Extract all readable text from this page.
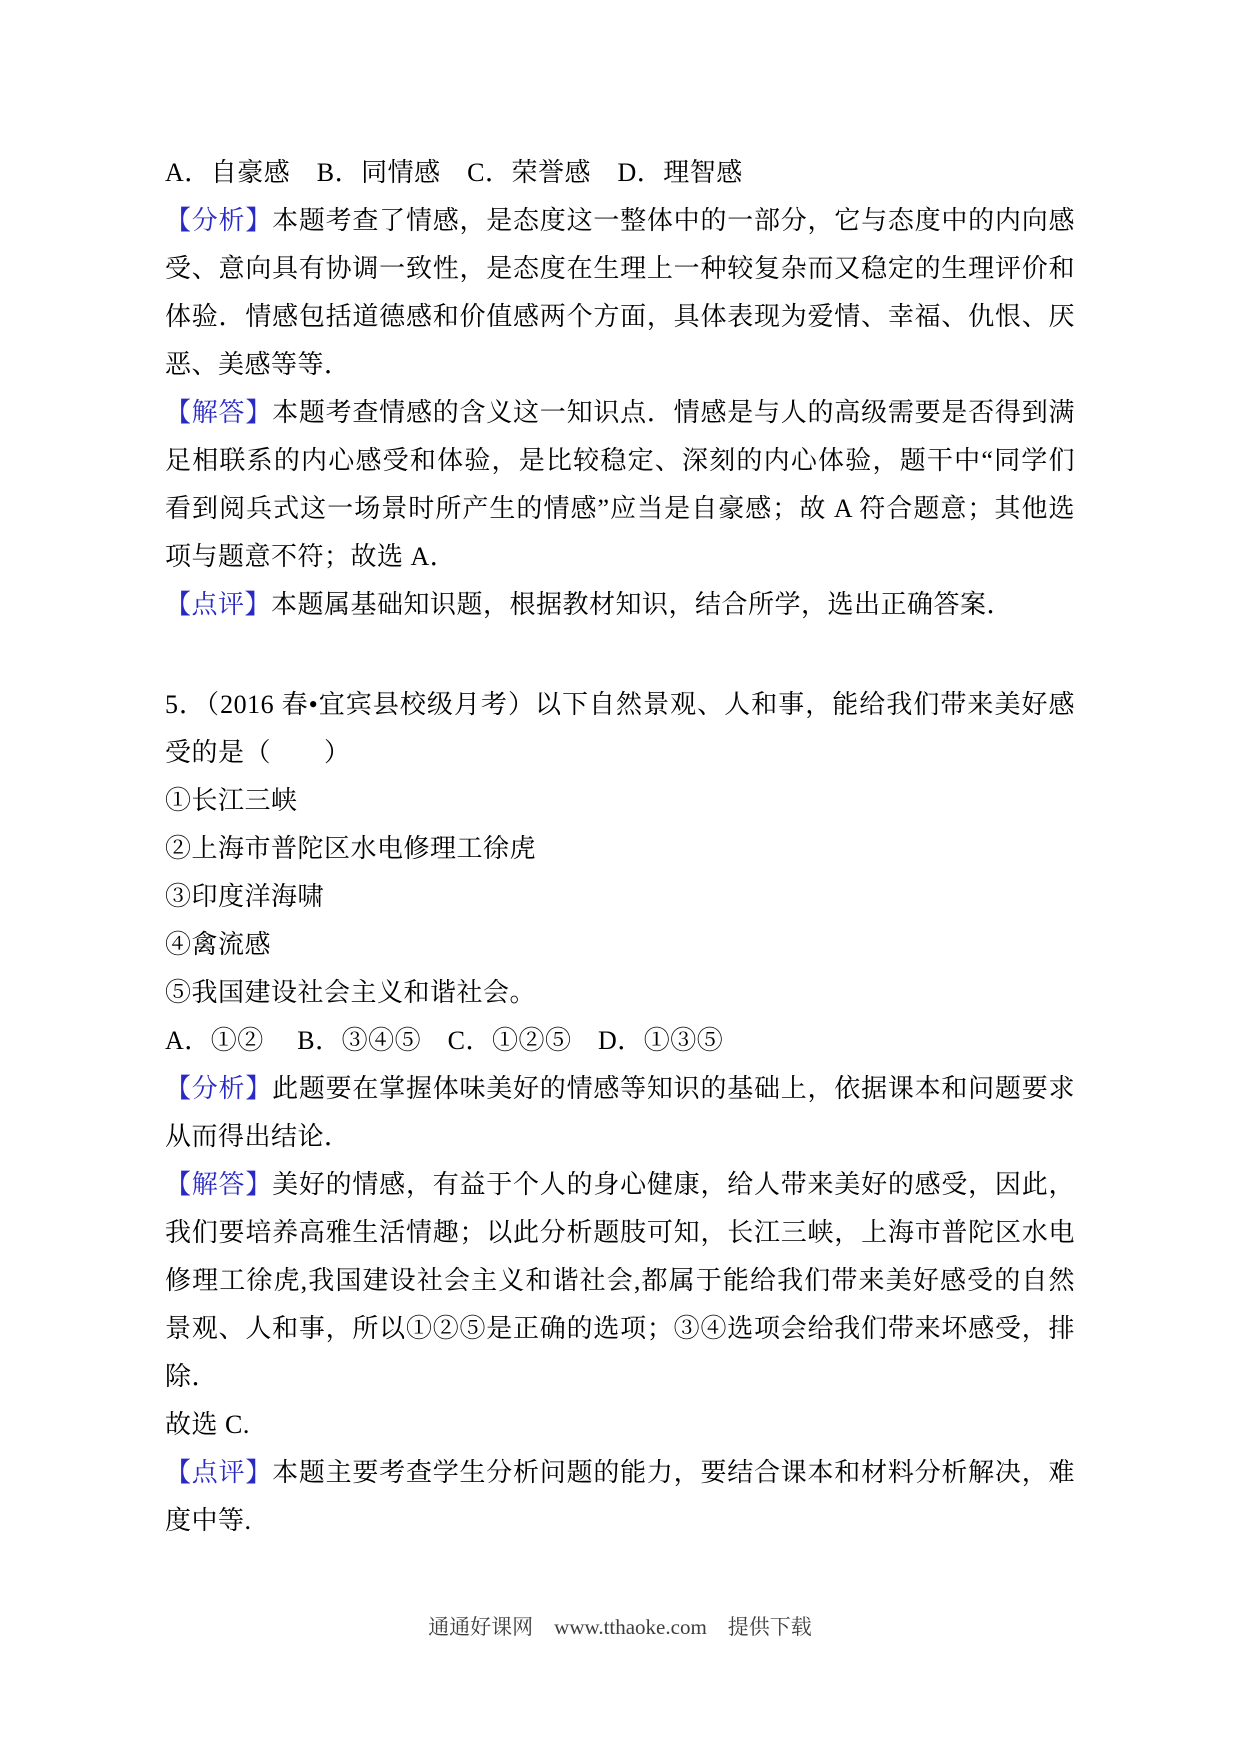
A．自豪感　B．同情感　C．荣誉感　D．理智感

【分析】本题考查了情感，是态度这一整体中的一部分，它与态度中的内向感受、意向具有协调一致性，是态度在生理上一种较复杂而又稳定的生理评价和体验．情感包括道德感和价值感两个方面，具体表现为爱情、幸福、仇恨、厌恶、美感等等．

【解答】本题考查情感的含义这一知识点．情感是与人的高级需要是否得到满足相联系的内心感受和体验，是比较稳定、深刻的内心体验，题干中“同学们看到阅兵式这一场景时所产生的情感”应当是自豪感；故 A 符合题意；其他选项与题意不符；故选 A．

【点评】本题属基础知识题，根据教材知识，结合所学，选出正确答案．

5．（2016 春•宜宾县校级月考）以下自然景观、人和事，能给我们带来美好感受的是（　　）

①长江三峡

②上海市普陀区水电修理工徐虎

③印度洋海啸

④禽流感

⑤我国建设社会主义和谐社会。

A．①②　 B．③④⑤　C．①②⑤　D．①③⑤

【分析】此题要在掌握体味美好的情感等知识的基础上，依据课本和问题要求从而得出结论．

【解答】美好的情感，有益于个人的身心健康，给人带来美好的感受，因此，我们要培养高雅生活情趣；以此分析题肢可知，长江三峡，上海市普陀区水电修理工徐虎,我国建设社会主义和谐社会,都属于能给我们带来美好感受的自然景观、人和事，所以①②⑤是正确的选项；③④选项会给我们带来坏感受，排除．

故选 C.

【点评】本题主要考查学生分析问题的能力，要结合课本和材料分析解决，难度中等.

通通好课网　www.tthaoke.com　提供下载
